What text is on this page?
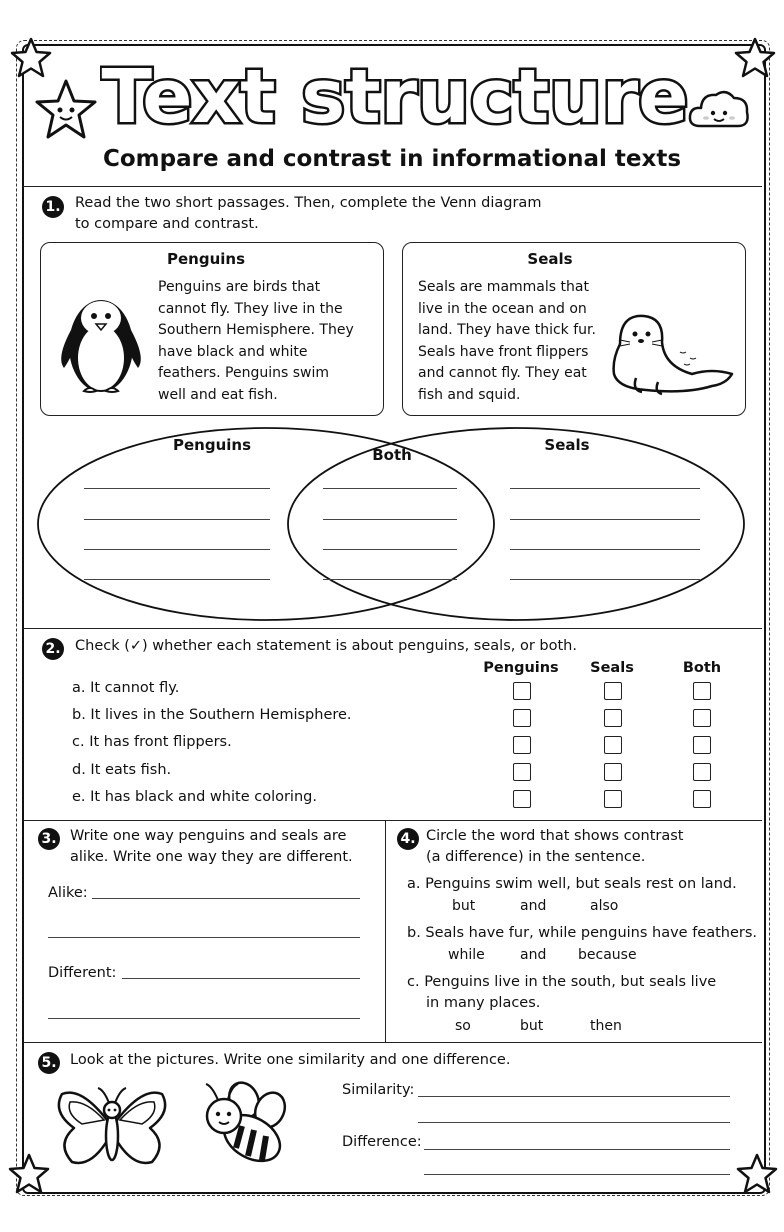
Text structure
Compare and contrast in informational texts
1. Read the two short passages. Then, complete the Venn diagram
to compare and contrast.
Penguins
Penguins are birds that
cannot fly. They live in the
Southern Hemisphere. They
have black and white
feathers. Penguins swim
well and eat fish.
Seals
Seals are mammals that
live in the ocean and on
land. They have thick fur.
Seals have front flippers
and cannot fly. They eat
fish and squid.
Penguins
Both
Seals
2. Check (✓) whether each statement is about penguins, seals, or both.
Penguins	Seals	Both
a. It cannot fly.
b. It lives in the Southern Hemisphere.
c. It has front flippers.
d. It eats fish.
e. It has black and white coloring.
3. Write one way penguins and seals are
alike. Write one way they are different.
Alike:
Different:
4. Circle the word that shows contrast
(a difference) in the sentence.
a. Penguins swim well, but seals rest on land.
but	and	also
b. Seals have fur, while penguins have feathers.
while	and because
c. Penguins live in the south, but seals live
in many places.
so	but	then
5. Look at the pictures. Write one similarity and one difference.
Similarity:
Difference:
